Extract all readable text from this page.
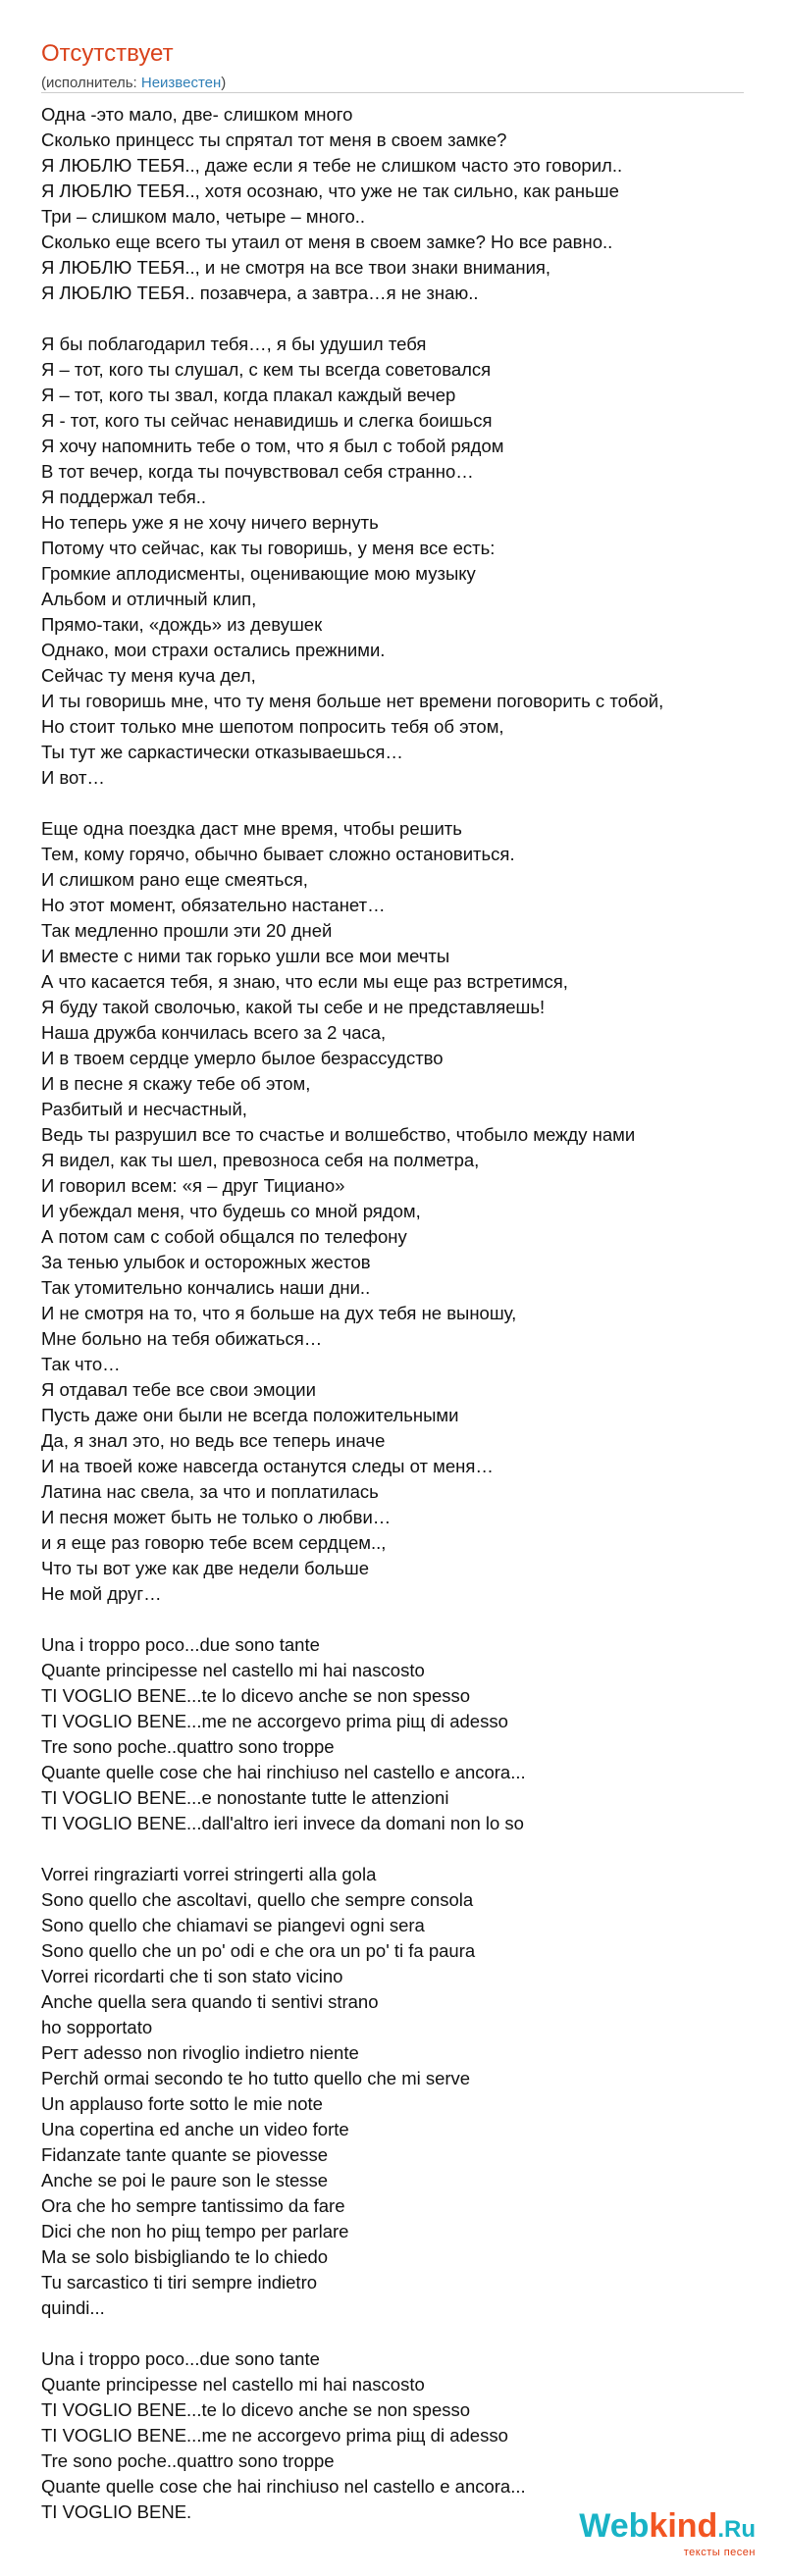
Отсутствует
(исполнитель: Неизвестен)
Одна -это мало, две- слишком много
Сколько принцесс ты спрятал тот меня в своем замке?
Я ЛЮБЛЮ ТЕБЯ.., даже если я тебе не слишком часто это говорил..
Я ЛЮБЛЮ ТЕБЯ.., хотя осознаю, что уже не так сильно, как раньше
Три – слишком мало, четыре – много..
Сколько еще всего ты утаил от меня в своем замке? Но все равно..
Я ЛЮБЛЮ ТЕБЯ.., и не смотря на все твои знаки внимания,
Я ЛЮБЛЮ ТЕБЯ.. позавчера, а завтра…я не знаю..
Я бы поблагодарил тебя…, я бы удушил тебя
Я – тот, кого ты слушал, с кем ты всегда советовался
Я – тот, кого ты звал, когда плакал каждый вечер
Я - тот, кого ты сейчас ненавидишь и слегка боишься
Я хочу напомнить тебе о том, что я был с тобой рядом
В тот вечер, когда ты почувствовал себя странно…
Я поддержал тебя..
Но теперь уже я не хочу ничего вернуть
Потому что сейчас, как ты говоришь, у меня все есть:
Громкие аплодисменты, оценивающие мою музыку
Альбом и отличный клип,
Прямо-таки, «дождь» из девушек
Однако, мои страхи остались прежними.
Сейчас ту меня куча дел,
И ты говоришь мне, что ту меня больше нет времени поговорить с тобой,
Но стоит только мне шепотом попросить тебя об этом,
Ты тут же саркастически отказываешься…
И вот…
Еще одна поездка даст мне время, чтобы решить
Тем, кому горячо, обычно бывает сложно остановиться.
И слишком рано еще смеяться,
Но этот момент, обязательно настанет…
Так медленно прошли эти 20 дней
И вместе с ними так горько ушли все мои мечты
А что касается тебя, я знаю, что если мы еще раз встретимся,
Я буду такой сволочью, какой ты себе и не представляешь!
Наша дружба кончилась всего за 2 часа,
И в твоем сердце умерло былое безрассудство
И в песне я скажу тебе об этом,
Разбитый и несчастный,
Ведь ты разрушил все то счастье и волшебство, чтобыло между нами
Я видел, как ты шел, превозноса себя на полметра,
И говорил всем: «я – друг Тициано»
И убеждал меня, что будешь со мной рядом,
А потом сам с собой общался по телефону
За тенью улыбок и осторожных жестов
Так утомительно кончались наши дни..
И не смотря на то, что я больше на дух тебя не выношу,
Мне больно на тебя обижаться…
Так что…
Я отдавал тебе все свои эмоции
Пусть даже они были не всегда положительными
Да, я знал это, но ведь все теперь иначе
И на твоей коже навсегда останутся следы от меня…
Латина нас свела, за что и поплатилась
И песня может быть не только о любви…
и я еще раз говорю тебе всем сердцем..,
Что ты вот уже как две недели больше
Не мой друг…
Una i troppo poco...due sono tante
Quante principesse nel castello mi hai nascosto
TI VOGLIO BENE...te lo dicevo anche se non spesso
TI VOGLIO BENE...me ne accorgevo prima piщ di adesso
Tre sono poche..quattro sono troppe
Quante quelle cose che hai rinchiuso nel castello e ancora...
TI VOGLIO BENE...e nonostante tutte le attenzioni
TI VOGLIO BENE...dall'altro ieri invece da domani non lo so
Vorrei ringraziarti vorrei stringerti alla gola
Sono quello che ascoltavi, quello che sempre consola
Sono quello che chiamavi se piangevi ogni sera
Sono quello che un po' odi e che ora un po' ti fa paura
Vorrei ricordarti che ti son stato vicino
Anche quella sera quando ti sentivi strano
ho sopportato
Peгт adesso non rivoglio indietro niente
Perchй ormai secondo te ho tutto quello che mi serve
Un applauso forte sotto le mie note
Una copertina ed anche un video forte
Fidanzate tante quante se piovesse
Anche se poi le paure son le stesse
Ora che ho sempre tantissimo da fare
Dici che non ho piщ tempo per parlare
Ma se solo bisbigliando te lo chiedo
Tu sarcastico ti tiri sempre indietro
quindi...
Una i troppo poco...due sono tante
Quante principesse nel castello mi hai nascosto
TI VOGLIO BENE...te lo dicevo anche se non spesso
TI VOGLIO BENE...me ne accorgevo prima piщ di adesso
Tre sono poche..quattro sono troppe
Quante quelle cose che hai rinchiuso nel castello e ancora...
TI VOGLIO BENE.	Webkind.Ru
тексты песен
